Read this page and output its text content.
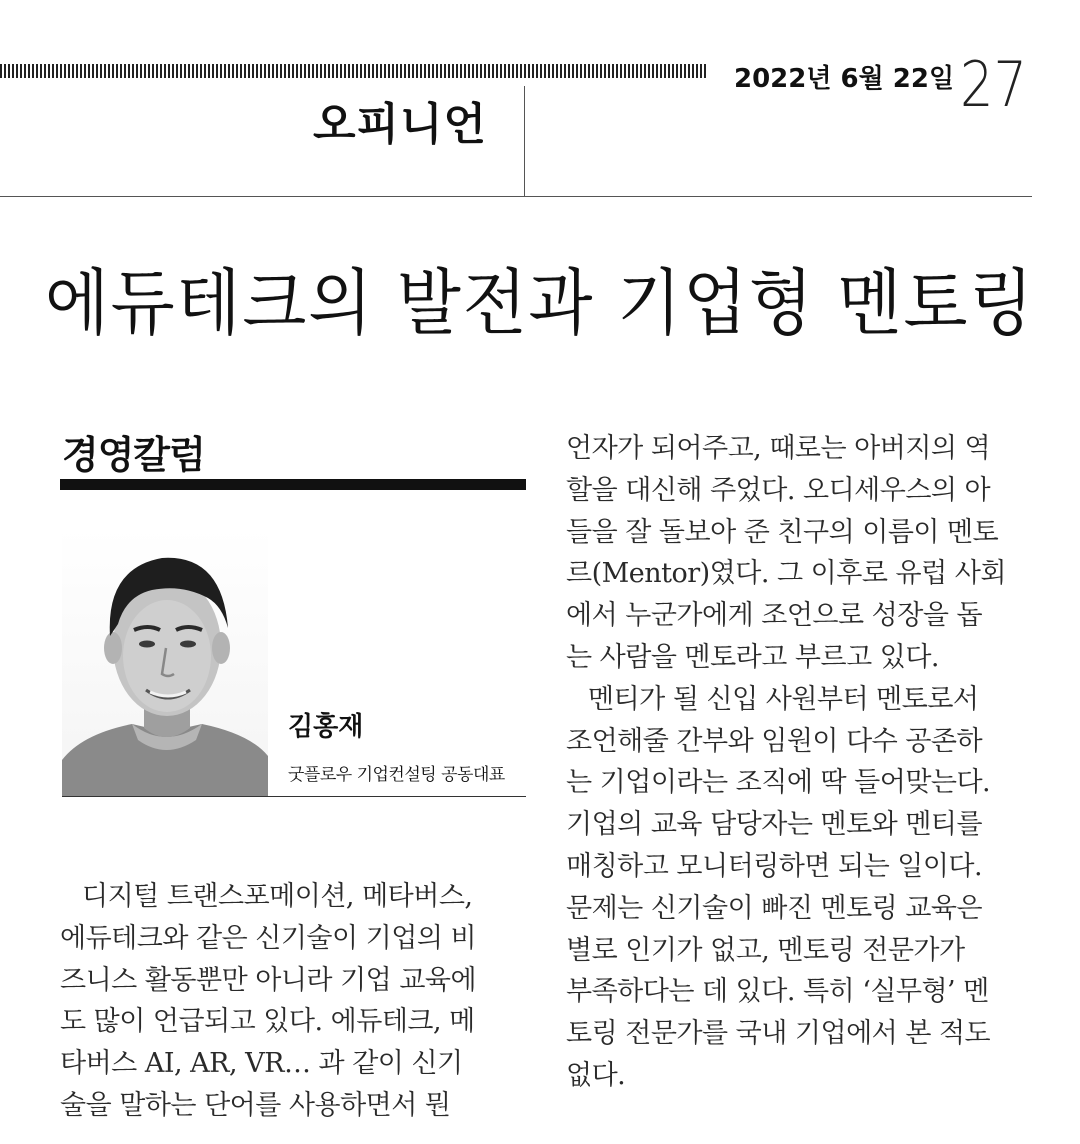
오피니언
2022년 6월 22일 27
에듀테크의 발전과 기업형 멘토링
경영칼럼
김홍재
굿플로우 기업컨설팅 공동대표
디지털 트랜스포메이션, 메타버스,
에듀테크와 같은 신기술이 기업의 비
즈니스 활동뿐만 아니라 기업 교육에
도 많이 언급되고 있다. 에듀테크, 메
타버스 AI, AR, VR… 과 같이 신기
술을 말하는 단어를 사용하면서 뭔
언자가 되어주고, 때로는 아버지의 역
할을 대신해 주었다. 오디세우스의 아
들을 잘 돌보아 준 친구의 이름이 멘토
르(Mentor)였다. 그 이후로 유럽 사회
에서 누군가에게 조언으로 성장을 돕
는 사람을 멘토라고 부르고 있다.
멘티가 될 신입 사원부터 멘토로서
조언해줄 간부와 임원이 다수 공존하
는 기업이라는 조직에 딱 들어맞는다.
기업의 교육 담당자는 멘토와 멘티를
매칭하고 모니터링하면 되는 일이다.
문제는 신기술이 빠진 멘토링 교육은
별로 인기가 없고, 멘토링 전문가가
부족하다는 데 있다. 특히 ‘실무형’ 멘
토링 전문가를 국내 기업에서 본 적도
없다.
